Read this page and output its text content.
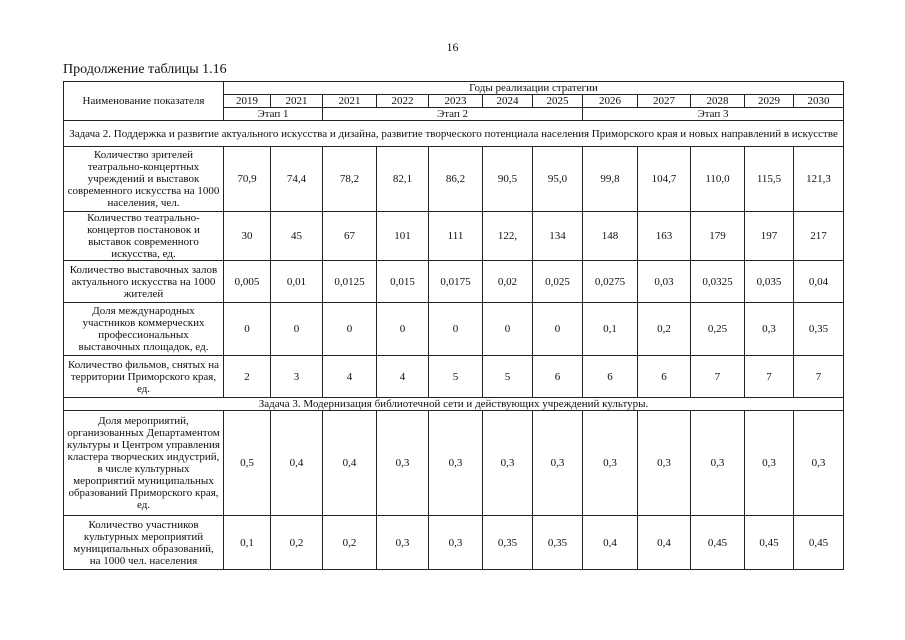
16
Продолжение таблицы 1.16
Наименование показателя	Годы реализации стратегии											
	2019	2021	2021	2022	2023	2024	2025	2026	2027	2028	2029	2030
	Этап 1		Этап 2					Этап 3				
Задача 2. Поддержка и развитие актуального искусства и дизайна, развитие творческого потенциала населения Приморского края и новых направлений в искусстве												
Количество зрителей театрально-концертных учреждений и выставок современного искусства на 1000 населения, чел.	70,9	74,4	78,2	82,1	86,2	90,5	95,0	99,8	104,7	110,0	115,5	121,3
Количество театрально-концертов постановок и выставок современного искусства, ед.	30	45	67	101	111	122,	134	148	163	179	197	217
Количество выставочных залов актуального искусства на 1000 жителей	0,005	0,01	0,0125	0,015	0,0175	0,02	0,025	0,0275	0,03	0,0325	0,035	0,04
Доля международных участников коммерческих профессиональных выставочных площадок, ед.	0	0	0	0	0	0	0	0,1	0,2	0,25	0,3	0,35
Количество фильмов, снятых на территории Приморского края, ед.	2	3	4	4	5	5	6	6	6	7	7	7
Задача 3. Модернизация библиотечной сети и действующих учреждений культуры.												
Доля мероприятий, организованных Департаментом культуры и Центром управления кластера творческих индустрий, в числе культурных мероприятий муниципальных образований Приморского края, ед.	0,5	0,4	0,4	0,3	0,3	0,3	0,3	0,3	0,3	0,3	0,3	0,3
Количество участников культурных мероприятий муниципальных образований, на 1000 чел. населения	0,1	0,2	0,2	0,3	0,3	0,35	0,35	0,4	0,4	0,45	0,45	0,45
